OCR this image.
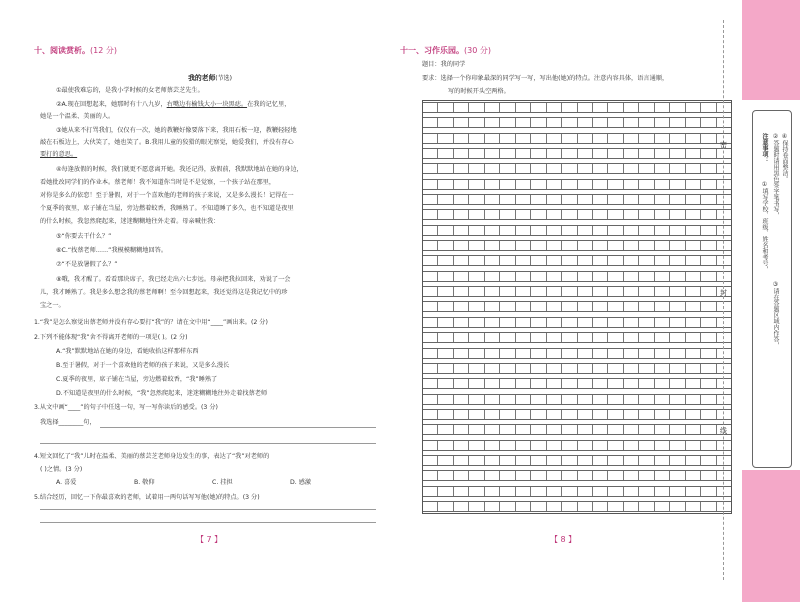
十、阅读赏析。(12 分)
我的老师(节选)
①最使我难忘的，是我小学时候的女老师蔡芸芝先生。
②A.现在回想起来，她那时有十八九岁，右嘴边有榆钱大小一块黑痣。在我的记忆里，
她是一个温柔、美丽的人。
③她从来不打骂我们，仅仅有一次，她的教鞭好像要落下来，我用石板一迎，教鞭轻轻地
敲在石板边上，大伙笑了，她也笑了。B.我用儿童的狡猾的眼光察觉，她爱我们，并没有存心
要打的意思。
④每逢放假的时候，我们就更不愿意离开她。我还记得，放假前，我默默地站在她的身边，
看她批改同学们的作业本。蔡老师！我不知道你当时是不是觉察，一个孩子站在那里，
对你是多么的依恋！至于暑假，对于一个喜欢他的老师的孩子来说，又是多么漫长！记得在一
个夏季的夜里，席子铺在当屋，旁边燃着蚊香，我睡熟了。不知道睡了多久，也不知道是夜里
的什么时候，我忽然爬起来，迷迷糊糊地往外走着。母亲喊住我：
⑤“你要去干什么？”
⑥C.“找蔡老师……”我模模糊糊地回答。
⑦“不是放暑假了么？”
⑧哦，我才醒了。看看那块席子，我已经走出六七步远。母亲把我拉回来，劝说了一会
儿，我才睡熟了。我是多么想念我的蔡老师啊！至今回想起来，我还觉得这是我记忆中的珍
宝之一。
1.“我”是怎么察觉出蔡老师并没有存心要打“我”的？请在文中用“____”画出来。(2 分)
2.下列不能体现“我”舍不得离开老师的一项是( )。(2 分)
A.“我”默默地站在她的身边，看她收拾这样那样东西
B.至于暑假，对于一个喜欢他的老师的孩子来说，又是多么漫长
C.夏季的夜里，席子铺在当屋，旁边燃着蚊香，“我”睡熟了
D.不知道是夜里的什么时候，“我”忽然爬起来，迷迷糊糊地往外走着找蔡老师
3.从文中画“____”的句子中任选一句，写一写你读后的感受。(3 分)
我选择________句，
4.短文回忆了“我”儿时在温柔、美丽的蔡芸芝老师身边发生的事，表达了“我”对老师的
( )之情。(3 分)
A. 喜爱	B. 敬仰	C. 挂担	D. 感激
5.结合经历，回忆一下你最喜欢的老师，试着用一两句话写写他(她)的特点。(3 分)
【 7 】
十一、习作乐园。(30 分)
题目：我的同学
要求：选择一个你印象最深的同学写一写，写出他(她)的特点。注意内容具体，语言通顺，
写的时候开头空两格。
【 8 】
密
封
线
注意事项：
①填写学校、班级、姓名和考号，
②答题时请用黑色签字笔书写，
③请在答题区域内作答，
④保持卷面整洁。
